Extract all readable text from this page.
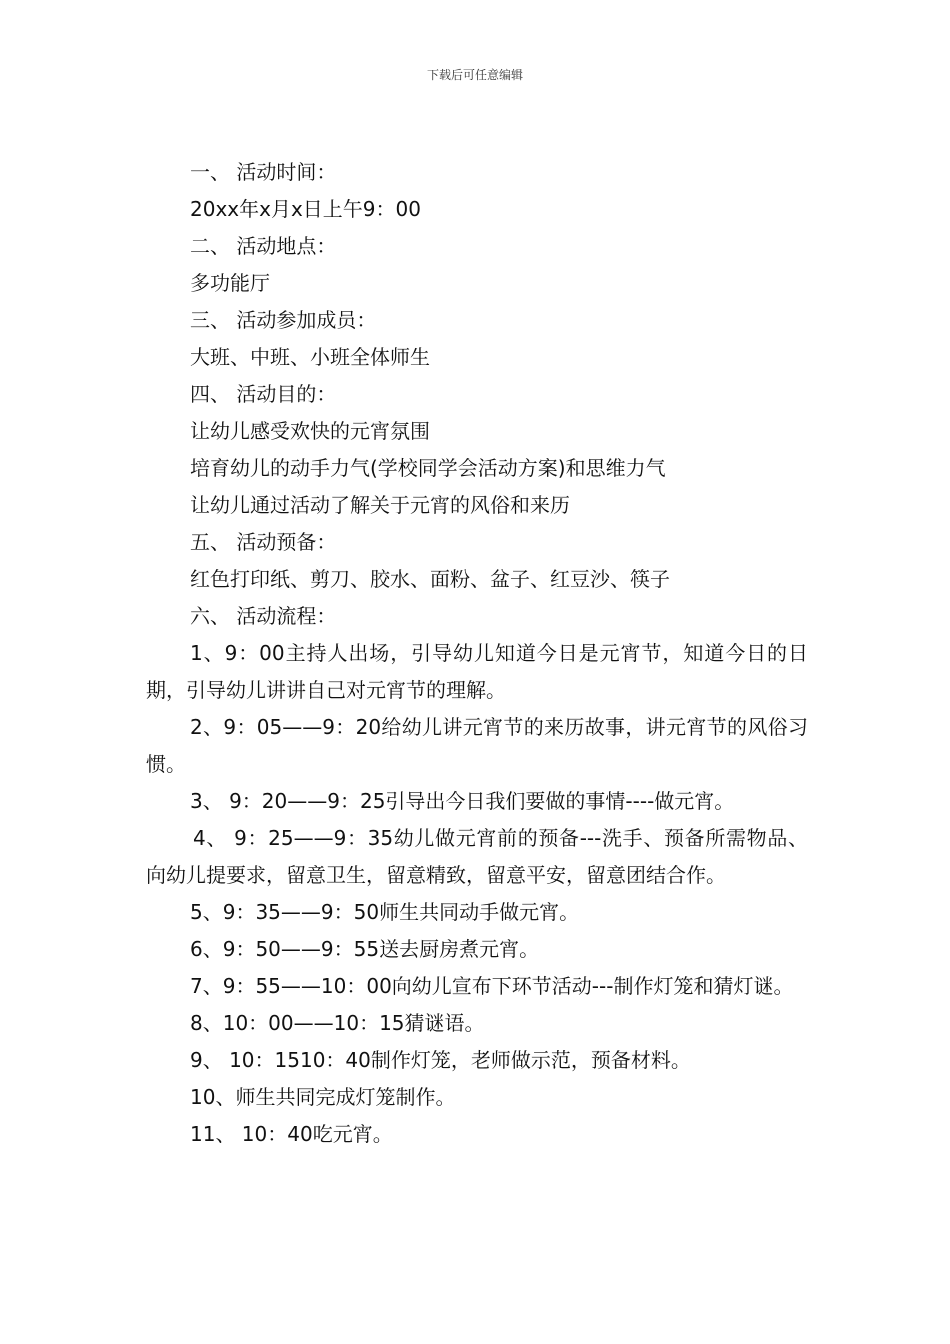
下载后可任意编辑
一、 活动时间：
20xx年x月x日上午9：00
二、 活动地点：
多功能厅
三、 活动参加成员：
大班、中班、小班全体师生
四、 活动目的：
让幼儿感受欢快的元宵氛围
培育幼儿的动手力气(学校同学会活动方案)和思维力气
让幼儿通过活动了解关于元宵的风俗和来历
五、 活动预备：
红色打印纸、剪刀、胶水、面粉、盆子、红豆沙、筷子
六、 活动流程：
1、9：00主持人出场，引导幼儿知道今日是元宵节，知道今日的日期，引导幼儿讲讲自己对元宵节的理解。
2、9：05——9：20给幼儿讲元宵节的来历故事，讲元宵节的风俗习惯。
3、 9：20——9：25引导出今日我们要做的事情----做元宵。
4、 9：25——9：35幼儿做元宵前的预备---洗手、预备所需物品、向幼儿提要求，留意卫生，留意精致，留意平安，留意团结合作。
5、9：35——9：50师生共同动手做元宵。
6、9：50——9：55送去厨房煮元宵。
7、9：55——10：00向幼儿宣布下环节活动---制作灯笼和猜灯谜。
8、10：00——10：15猜谜语。
9、 10：1510：40制作灯笼，老师做示范，预备材料。
10、师生共同完成灯笼制作。
11、 10：40吃元宵。
